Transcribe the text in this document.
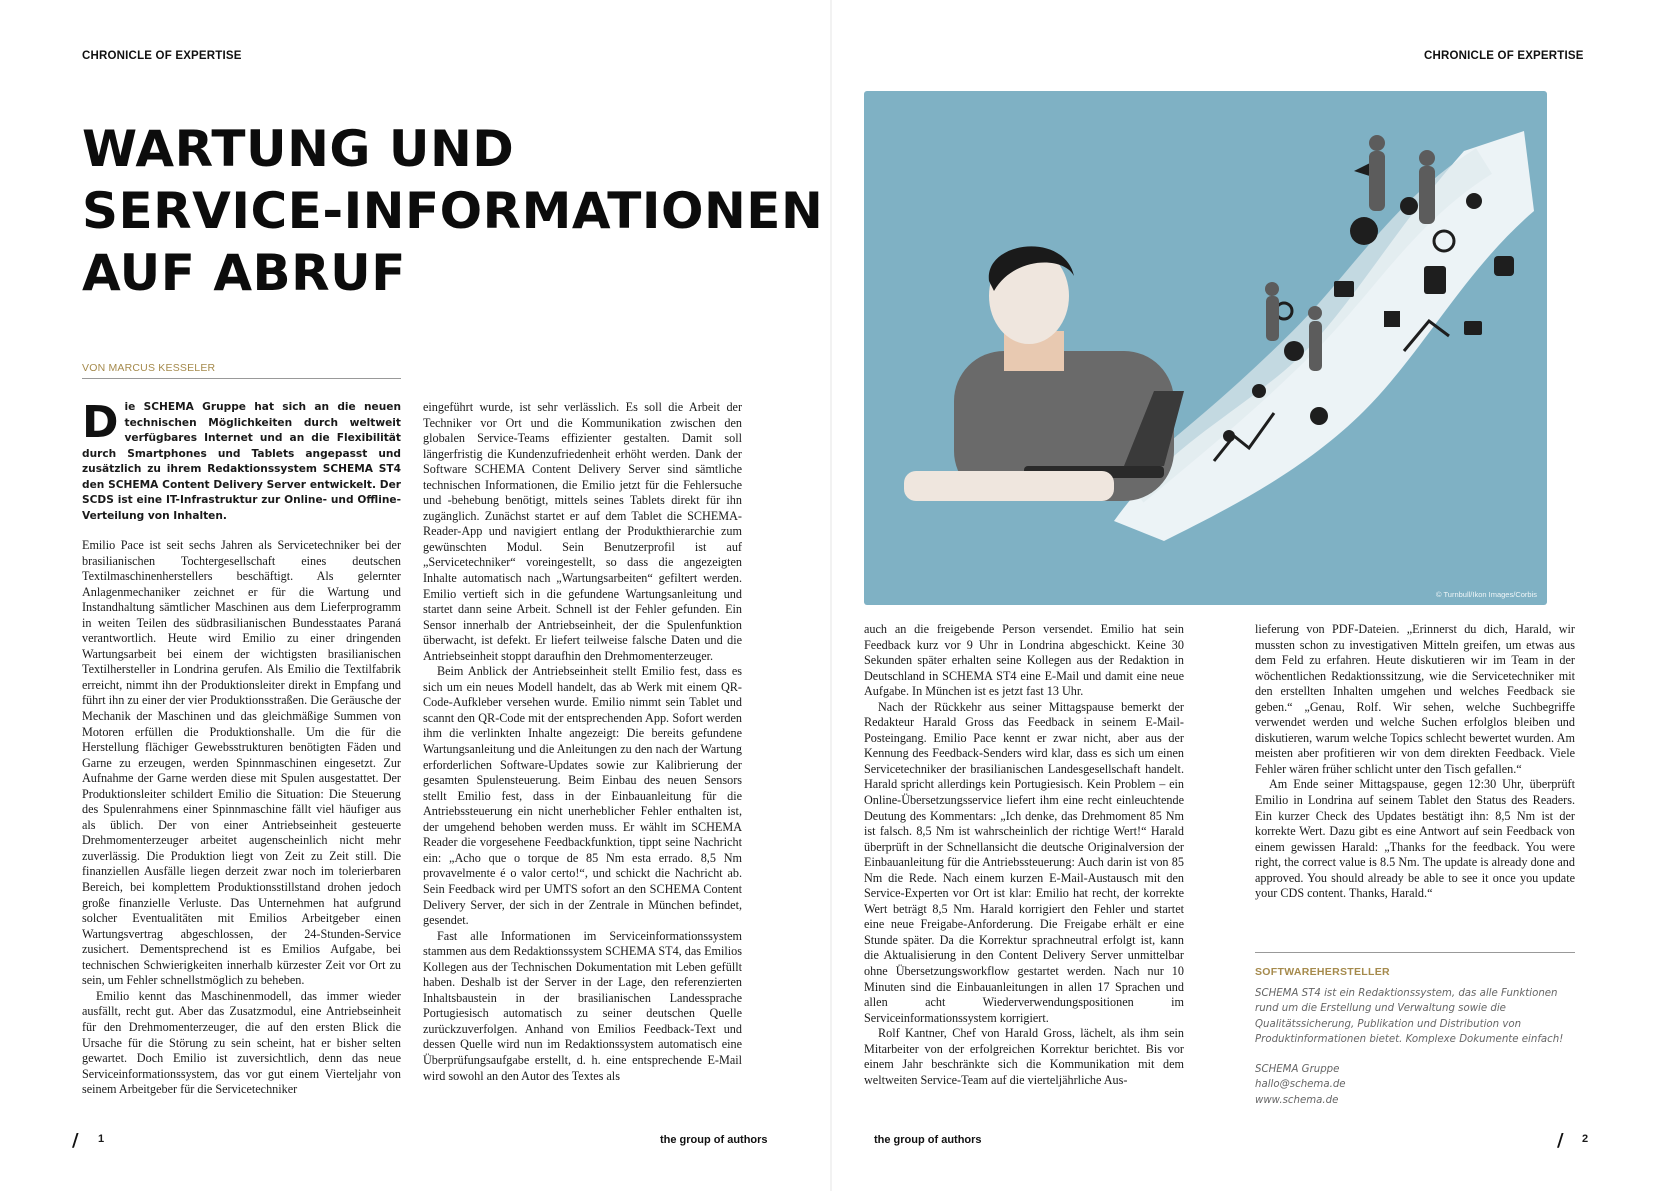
CHRONICLE OF EXPERTISE
WARTUNG UND
SERVICE-INFORMATIONEN
AUF ABRUF
VON MARCUS KESSELER
Die SCHEMA Gruppe hat sich an die neuen technischen Möglichkeiten durch weltweit verfügbares Internet und an die Flexibilität durch Smartphones und Tablets angepasst und zusätzlich zu ihrem Redaktionssystem SCHEMA ST4 den SCHEMA Content Delivery Server entwickelt. Der SCDS ist eine IT-Infrastruktur zur Online- und Offline-Verteilung von Inhalten.

Emilio Pace ist seit sechs Jahren als Servicetechniker bei der brasilianischen Tochtergesellschaft eines deutschen Textilmaschinenherstellers beschäftigt. Als gelernter Anlagenmechaniker zeichnet er für die Wartung und Instandhaltung sämtlicher Maschinen aus dem Lieferprogramm in weiten Teilen des südbrasilianischen Bundesstaates Paraná verantwortlich. Heute wird Emilio zu einer dringenden Wartungsarbeit bei einem der wichtigsten brasilianischen Textilhersteller in Londrina gerufen. Als Emilio die Textilfabrik erreicht, nimmt ihn der Produktionsleiter direkt in Empfang und führt ihn zu einer der vier Produktionsstraßen. Die Geräusche der Mechanik der Maschinen und das gleichmäßige Summen von Motoren erfüllen die Produktionshalle. Um die für die Herstellung flächiger Gewebsstrukturen benötigten Fäden und Garne zu erzeugen, werden Spinnmaschinen eingesetzt. Zur Aufnahme der Garne werden diese mit Spulen ausgestattet. Der Produktionsleiter schildert Emilio die Situation: Die Steuerung des Spulenrahmens einer Spinnmaschine fällt viel häufiger aus als üblich. Der von einer Antriebseinheit gesteuerte Drehmomenterzeuger arbeitet augenscheinlich nicht mehr zuverlässig. Die Produktion liegt von Zeit zu Zeit still. Die finanziellen Ausfälle liegen derzeit zwar noch im tolerierbaren Bereich, bei komplettem Produktionsstillstand drohen jedoch große finanzielle Verluste. Das Unternehmen hat aufgrund solcher Eventualitäten mit Emilios Arbeitgeber einen Wartungsvertrag abgeschlossen, der 24-Stunden-Service zusichert. Dementsprechend ist es Emilios Aufgabe, bei technischen Schwierigkeiten innerhalb kürzester Zeit vor Ort zu sein, um Fehler schnellstmöglich zu beheben.

Emilio kennt das Maschinenmodell, das immer wieder ausfällt, recht gut. Aber das Zusatzmodul, eine Antriebseinheit für den Drehmomenterzeuger, die auf den ersten Blick die Ursache für die Störung zu sein scheint, hat er bisher selten gewartet. Doch Emilio ist zuversichtlich, denn das neue Serviceinformationssystem, das vor gut einem Vierteljahr von seinem Arbeitgeber für die Servicetechniker

eingeführt wurde, ist sehr verlässlich. Es soll die Arbeit der Techniker vor Ort und die Kommunikation zwischen den globalen Service-Teams effizienter gestalten. Damit soll längerfristig die Kundenzufriedenheit erhöht werden. Dank der Software SCHEMA Content Delivery Server sind sämtliche technischen Informationen, die Emilio jetzt für die Fehlersuche und -behebung benötigt, mittels seines Tablets direkt für ihn zugänglich. Zunächst startet er auf dem Tablet die SCHEMA-Reader-App und navigiert entlang der Produkthierarchie zum gewünschten Modul. Sein Benutzerprofil ist auf „Servicetechniker“ voreingestellt, so dass die angezeigten Inhalte automatisch nach „Wartungsarbeiten“ gefiltert werden. Emilio vertieft sich in die gefundene Wartungsanleitung und startet dann seine Arbeit. Schnell ist der Fehler gefunden. Ein Sensor innerhalb der Antriebseinheit, der die Spulenfunktion überwacht, ist defekt. Er liefert teilweise falsche Daten und die Antriebseinheit stoppt daraufhin den Drehmomenterzeuger.

Beim Anblick der Antriebseinheit stellt Emilio fest, dass es sich um ein neues Modell handelt, das ab Werk mit einem QR-Code-Aufkleber versehen wurde. Emilio nimmt sein Tablet und scannt den QR-Code mit der entsprechenden App. Sofort werden ihm die verlinkten Inhalte angezeigt: Die bereits gefundene Wartungsanleitung und die Anleitungen zu den nach der Wartung erforderlichen Software-Updates sowie zur Kalibrierung der gesamten Spulensteuerung. Beim Einbau des neuen Sensors stellt Emilio fest, dass in der Einbauanleitung für die Antriebssteuerung ein nicht unerheblicher Fehler enthalten ist, der umgehend behoben werden muss. Er wählt im SCHEMA Reader die vorgesehene Feedbackfunktion, tippt seine Nachricht ein: „Acho que o torque de 85 Nm esta errado. 8,5 Nm provavelmente é o valor certo!“, und schickt die Nachricht ab. Sein Feedback wird per UMTS sofort an den SCHEMA Content Delivery Server, der sich in der Zentrale in München befindet, gesendet.

Fast alle Informationen im Serviceinformationssystem stammen aus dem Redaktionssystem SCHEMA ST4, das Emilios Kollegen aus der Technischen Dokumentation mit Leben gefüllt haben. Deshalb ist der Server in der Lage, den referenzierten Inhaltsbaustein in der brasilianischen Landessprache Portugiesisch automatisch zu seiner deutschen Quelle zurückzuverfolgen. Anhand von Emilios Feedback-Text und dessen Quelle wird nun im Redaktionssystem automatisch eine Überprüfungsaufgabe erstellt, d. h. eine entsprechende E-Mail wird sowohl an den Autor des Textes als

/ 1	the group of authors
CHRONICLE OF EXPERTISE
© Turnbull/Ikon Images/Corbis

auch an die freigebende Person versendet. Emilio hat sein Feedback kurz vor 9 Uhr in Londrina abgeschickt. Keine 30 Sekunden später erhalten seine Kollegen aus der Redaktion in Deutschland in SCHEMA ST4 eine E-Mail und damit eine neue Aufgabe. In München ist es jetzt fast 13 Uhr.

Nach der Rückkehr aus seiner Mittagspause bemerkt der Redakteur Harald Gross das Feedback in seinem E-Mail-Posteingang. Emilio Pace kennt er zwar nicht, aber aus der Kennung des Feedback-Senders wird klar, dass es sich um einen Servicetechniker der brasilianischen Landesgesellschaft handelt. Harald spricht allerdings kein Portugiesisch. Kein Problem – ein Online-Übersetzungsservice liefert ihm eine recht einleuchtende Deutung des Kommentars: „Ich denke, das Drehmoment 85 Nm ist falsch. 8,5 Nm ist wahrscheinlich der richtige Wert!“ Harald überprüft in der Schnellansicht die deutsche Originalversion der Einbauanleitung für die Antriebssteuerung: Auch darin ist von 85 Nm die Rede. Nach einem kurzen E-Mail-Austausch mit den Service-Experten vor Ort ist klar: Emilio hat recht, der korrekte Wert beträgt 8,5 Nm. Harald korrigiert den Fehler und startet eine neue Freigabe-Anforderung. Die Freigabe erhält er eine Stunde später. Da die Korrektur sprachneutral erfolgt ist, kann die Aktualisierung in den Content Delivery Server unmittelbar ohne Übersetzungsworkflow gestartet werden. Nach nur 10 Minuten sind die Einbauanleitungen in allen 17 Sprachen und allen acht Wiederverwendungspositionen im Serviceinformationssystem korrigiert.

Rolf Kantner, Chef von Harald Gross, lächelt, als ihm sein Mitarbeiter von der erfolgreichen Korrektur berichtet. Bis vor einem Jahr beschränkte sich die Kommunikation mit dem weltweiten Service-Team auf die vierteljährliche Aus-

lieferung von PDF-Dateien. „Erinnerst du dich, Harald, wir mussten schon zu investigativen Mitteln greifen, um etwas aus dem Feld zu erfahren. Heute diskutieren wir im Team in der wöchentlichen Redaktionssitzung, wie die Servicetechniker mit den erstellten Inhalten umgehen und welches Feedback sie geben.“ „Genau, Rolf. Wir sehen, welche Suchbegriffe verwendet werden und welche Suchen erfolglos bleiben und diskutieren, warum welche Topics schlecht bewertet wurden. Am meisten aber profitieren wir von dem direkten Feedback. Viele Fehler wären früher schlicht unter den Tisch gefallen.“

Am Ende seiner Mittagspause, gegen 12:30 Uhr, überprüft Emilio in Londrina auf seinem Tablet den Status des Readers. Ein kurzer Check des Updates bestätigt ihn: 8,5 Nm ist der korrekte Wert. Dazu gibt es eine Antwort auf sein Feedback von einem gewissen Harald: „Thanks for the feedback. You were right, the correct value is 8.5 Nm. The update is already done and approved. You should already be able to see it once you update your CDS content. Thanks, Harald.“

SOFTWAREHERSTELLER
SCHEMA ST4 ist ein Redaktionssystem, das alle Funktionen rund um die Erstellung und Verwaltung sowie die Qualitätssicherung, Publikation und Distribution von Produktinformationen bietet. Komplexe Dokumente einfach!
SCHEMA Gruppe
hallo@schema.de
www.schema.de
the group of authors	/ 2
